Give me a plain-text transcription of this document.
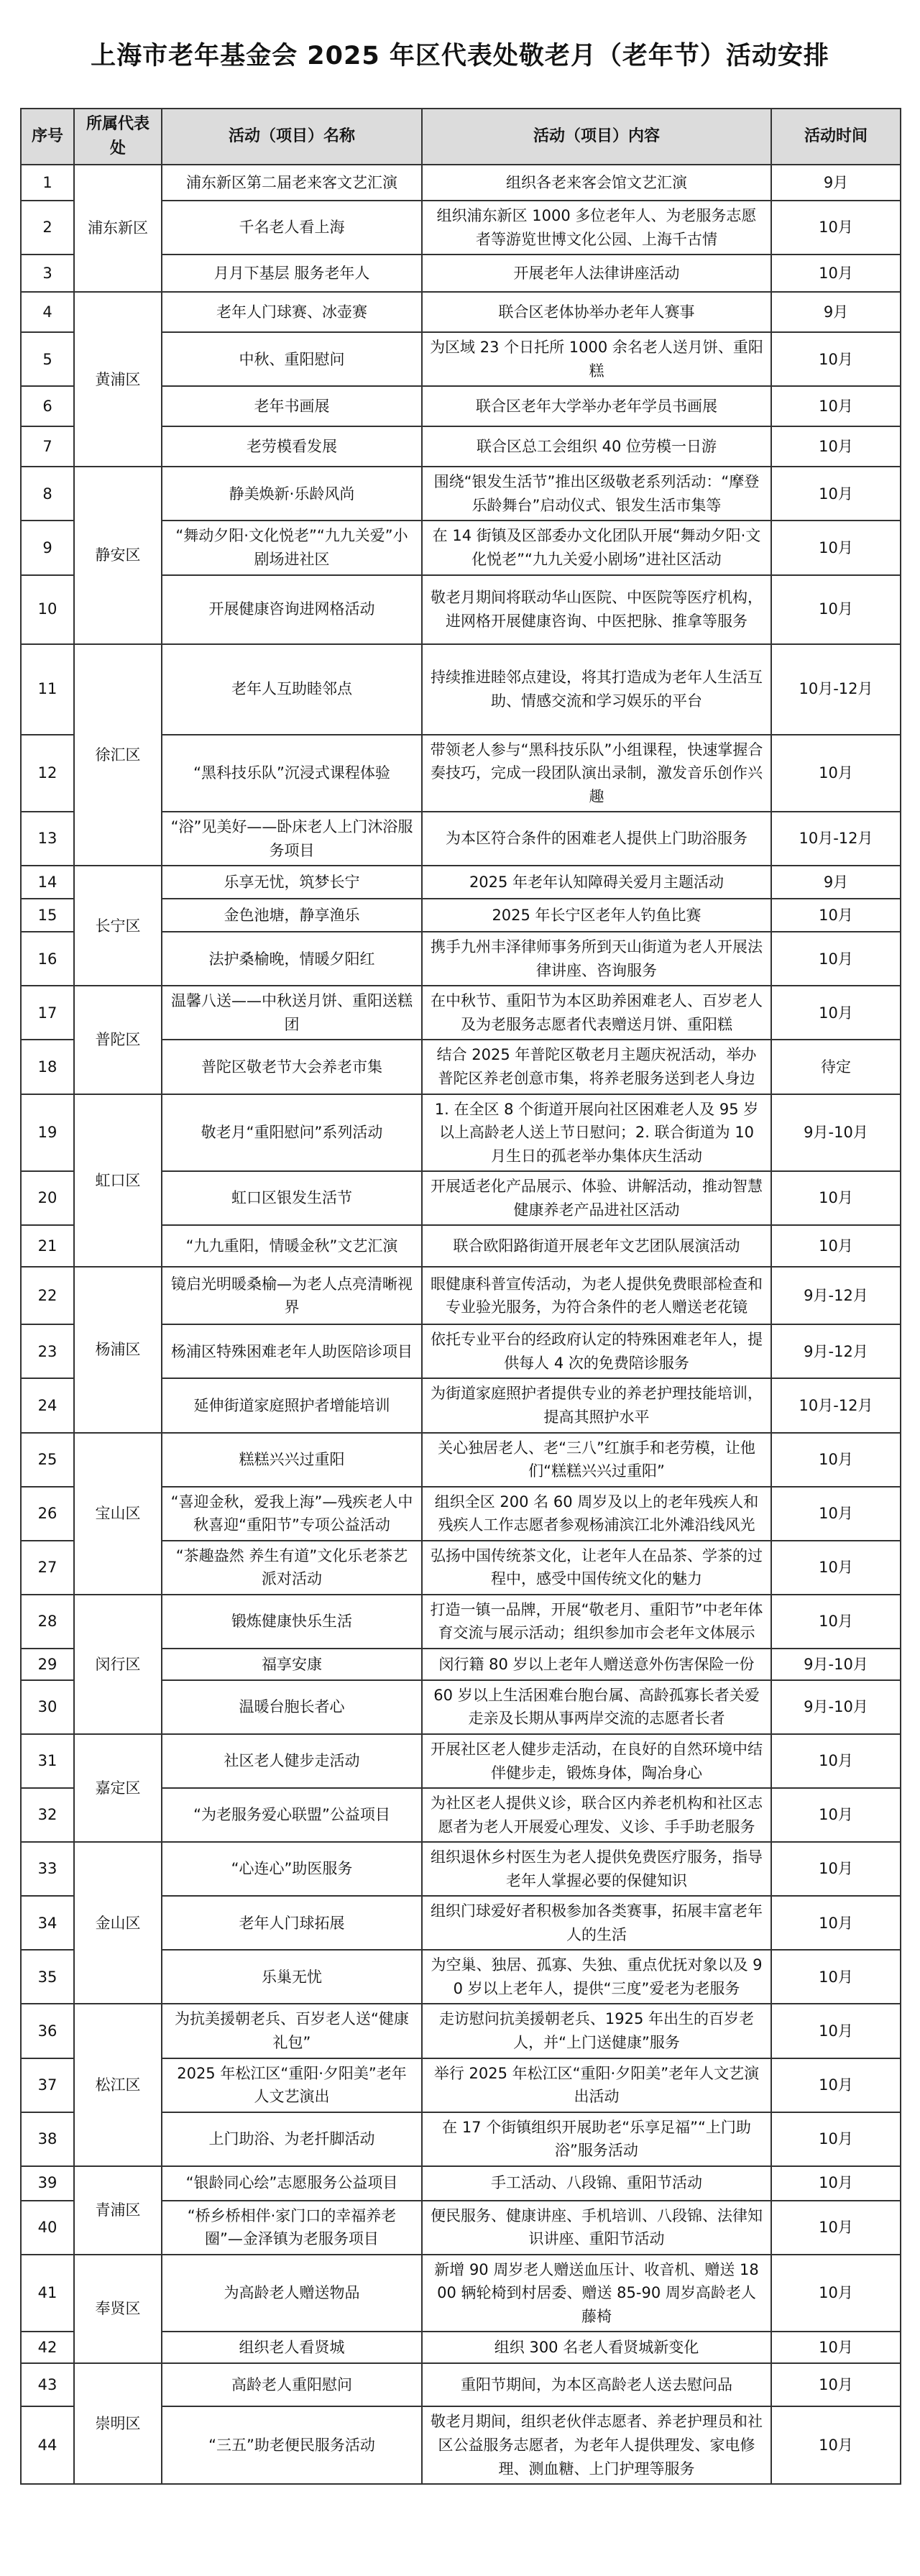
上海市老年基金会 2025 年区代表处敬老月（老年节）活动安排
序号	所属代表处	活动（项目）名称	活动（项目）内容	活动时间
1	浦东新区	浦东新区第二届老来客文艺汇演	组织各老来客会馆文艺汇演	9月
2		千名老人看上海	组织浦东新区 1000 多位老年人、为老服务志愿者等游览世博文化公园、上海千古情	10月
3		月月下基层 服务老年人	开展老年人法律讲座活动	10月
4	黄浦区	老年人门球赛、冰壶赛	联合区老体协举办老年人赛事	9月
5		中秋、重阳慰问	为区域 23 个日托所 1000 余名老人送月饼、重阳糕	10月
6		老年书画展	联合区老年大学举办老年学员书画展	10月
7		老劳模看发展	联合区总工会组织 40 位劳模一日游	10月
8	静安区	静美焕新·乐龄风尚	围绕“银发生活节”推出区级敬老系列活动：“摩登乐龄舞台”启动仪式、银发生活市集等	10月
9		“舞动夕阳·文化悦老”“九九关爱”小剧场进社区	在 14 街镇及区部委办文化团队开展“舞动夕阳·文化悦老”“九九关爱小剧场”进社区活动	10月
10		开展健康咨询进网格活动	敬老月期间将联动华山医院、中医院等医疗机构，进网格开展健康咨询、中医把脉、推拿等服务	10月
11	徐汇区	老年人互助睦邻点	持续推进睦邻点建设，将其打造成为老年人生活互助、情感交流和学习娱乐的平台	10月-12月
12		“黑科技乐队”沉浸式课程体验	带领老人参与“黑科技乐队”小组课程，快速掌握合奏技巧，完成一段团队演出录制，激发音乐创作兴趣	10月
13		“浴”见美好——卧床老人上门沐浴服务项目	为本区符合条件的困难老人提供上门助浴服务	10月-12月
14	长宁区	乐享无忧，筑梦长宁	2025 年老年认知障碍关爱月主题活动	9月
15		金色池塘，静享渔乐	2025 年长宁区老年人钓鱼比赛	10月
16		法护桑榆晚，情暖夕阳红	携手九州丰泽律师事务所到天山街道为老人开展法律讲座、咨询服务	10月
17	普陀区	温馨八送——中秋送月饼、重阳送糕团	在中秋节、重阳节为本区助养困难老人、百岁老人及为老服务志愿者代表赠送月饼、重阳糕	10月
18		普陀区敬老节大会养老市集	结合 2025 年普陀区敬老月主题庆祝活动，举办普陀区养老创意市集，将养老服务送到老人身边	待定
19	虹口区	敬老月“重阳慰问”系列活动	1. 在全区 8 个街道开展向社区困难老人及 95 岁以上高龄老人送上节日慰问；2. 联合街道为 10 月生日的孤老举办集体庆生活动	9月-10月
20		虹口区银发生活节	开展适老化产品展示、体验、讲解活动，推动智慧健康养老产品进社区活动	10月
21		“九九重阳，情暖金秋”文艺汇演	联合欧阳路街道开展老年文艺团队展演活动	10月
22	杨浦区	镜启光明暖桑榆—为老人点亮清晰视界	眼健康科普宣传活动，为老人提供免费眼部检查和专业验光服务，为符合条件的老人赠送老花镜	9月-12月
23		杨浦区特殊困难老年人助医陪诊项目	依托专业平台的经政府认定的特殊困难老年人，提供每人 4 次的免费陪诊服务	9月-12月
24		延伸街道家庭照护者增能培训	为街道家庭照护者提供专业的养老护理技能培训，提高其照护水平	10月-12月
25	宝山区	糕糕兴兴过重阳	关心独居老人、老“三八”红旗手和老劳模，让他们“糕糕兴兴过重阳”	10月
26		“喜迎金秋，爱我上海”—残疾老人中秋喜迎“重阳节”专项公益活动	组织全区 200 名 60 周岁及以上的老年残疾人和残疾人工作志愿者参观杨浦滨江北外滩沿线风光	10月
27		“茶趣盎然 养生有道”文化乐老茶艺派对活动	弘扬中国传统茶文化，让老年人在品茶、学茶的过程中，感受中国传统文化的魅力	10月
28	闵行区	锻炼健康快乐生活	打造一镇一品牌，开展“敬老月、重阳节”中老年体育交流与展示活动；组织参加市会老年文体展示	10月
29		福享安康	闵行籍 80 岁以上老年人赠送意外伤害保险一份	9月-10月
30		温暖台胞长者心	60 岁以上生活困难台胞台属、高龄孤寡长者关爱走亲及长期从事两岸交流的志愿者长者	9月-10月
31	嘉定区	社区老人健步走活动	开展社区老人健步走活动，在良好的自然环境中结伴健步走，锻炼身体，陶冶身心	10月
32		“为老服务爱心联盟”公益项目	为社区老人提供义诊，联合区内养老机构和社区志愿者为老人开展爱心理发、义诊、手手助老服务	10月
33	金山区	“心连心”助医服务	组织退休乡村医生为老人提供免费医疗服务，指导老年人掌握必要的保健知识	10月
34		老年人门球拓展	组织门球爱好者积极参加各类赛事，拓展丰富老年人的生活	10月
35		乐巢无忧	为空巢、独居、孤寡、失独、重点优抚对象以及 90 岁以上老年人，提供“三度”爱老为老服务	10月
36	松江区	为抗美援朝老兵、百岁老人送“健康礼包”	走访慰问抗美援朝老兵、1925 年出生的百岁老人，并“上门送健康”服务	10月
37		2025 年松江区“重阳·夕阳美”老年人文艺演出	举行 2025 年松江区“重阳·夕阳美”老年人文艺演出活动	10月
38		上门助浴、为老扦脚活动	在 17 个街镇组织开展助老“乐享足福”“上门助浴”服务活动	10月
39	青浦区	“银龄同心绘”志愿服务公益项目	手工活动、八段锦、重阳节活动	10月
40		“桥乡桥相伴·家门口的幸福养老圈”—金泽镇为老服务项目	便民服务、健康讲座、手机培训、八段锦、法律知识讲座、重阳节活动	10月
41	奉贤区	为高龄老人赠送物品	新增 90 周岁老人赠送血压计、收音机、赠送 1800 辆轮椅到村居委、赠送 85-90 周岁高龄老人藤椅	10月
42		组织老人看贤城	组织 300 名老人看贤城新变化	10月
43	崇明区	高龄老人重阳慰问	重阳节期间，为本区高龄老人送去慰问品	10月
44		“三五”助老便民服务活动	敬老月期间，组织老伙伴志愿者、养老护理员和社区公益服务志愿者，为老年人提供理发、家电修理、测血糖、上门护理等服务	10月
